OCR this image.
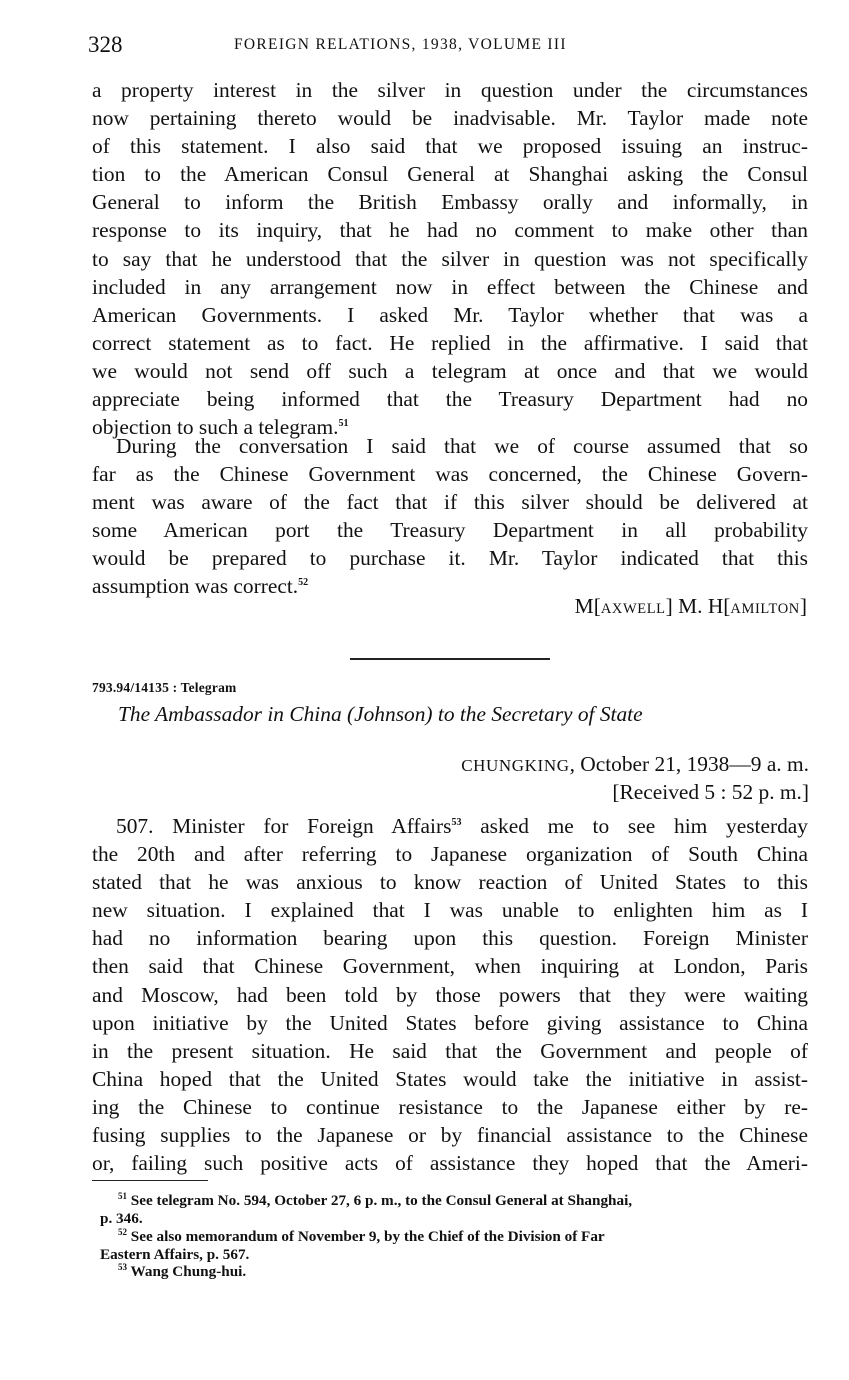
328	FOREIGN RELATIONS, 1938, VOLUME III
a property interest in the silver in question under the circumstances
now pertaining thereto would be inadvisable. Mr. Taylor made note
of this statement. I also said that we proposed issuing an instruc-
tion to the American Consul General at Shanghai asking the Consul
General to inform the British Embassy orally and informally, in
response to its inquiry, that he had no comment to make other than
to say that he understood that the silver in question was not specifically
included in any arrangement now in effect between the Chinese and
American Governments. I asked Mr. Taylor whether that was a
correct statement as to fact. He replied in the affirmative. I said that
we would not send off such a telegram at once and that we would
appreciate being informed that the Treasury Department had no
objection to such a telegram.$^{51}$
During the conversation I said that we of course assumed that so
far as the Chinese Government was concerned, the Chinese Govern-
ment was aware of the fact that if this silver should be delivered at
some American port the Treasury Department in all probability
would be prepared to purchase it. Mr. Taylor indicated that this
assumption was correct.$^{52}$
M[AXWELL] M. H[AMILTON]
793.94/14135 : Telegram
The Ambassador in China (Johnson) to the Secretary of State
CHUNGKING, October 21, 1938—9 a. m.
[Received 5 : 52 p. m.]
507. Minister for Foreign Affairs$^{53}$ asked me to see him yesterday
the 20th and after referring to Japanese organization of South China
stated that he was anxious to know reaction of United States to this
new situation. I explained that I was unable to enlighten him as I
had no information bearing upon this question. Foreign Minister
then said that Chinese Government, when inquiring at London, Paris
and Moscow, had been told by those powers that they were waiting
upon initiative by the United States before giving assistance to China
in the present situation. He said that the Government and people of
China hoped that the United States would take the initiative in assist-
ing the Chinese to continue resistance to the Japanese either by re-
fusing supplies to the Japanese or by financial assistance to the Chinese
or, failing such positive acts of assistance they hoped that the Ameri-
$^{51}$ See telegram No. 594, October 27, 6 p. m., to the Consul General at Shanghai,
p. 346.
$^{52}$ See also memorandum of November 9, by the Chief of the Division of Far
Eastern Affairs, p. 567.
$^{53}$ Wang Chung-hui.
